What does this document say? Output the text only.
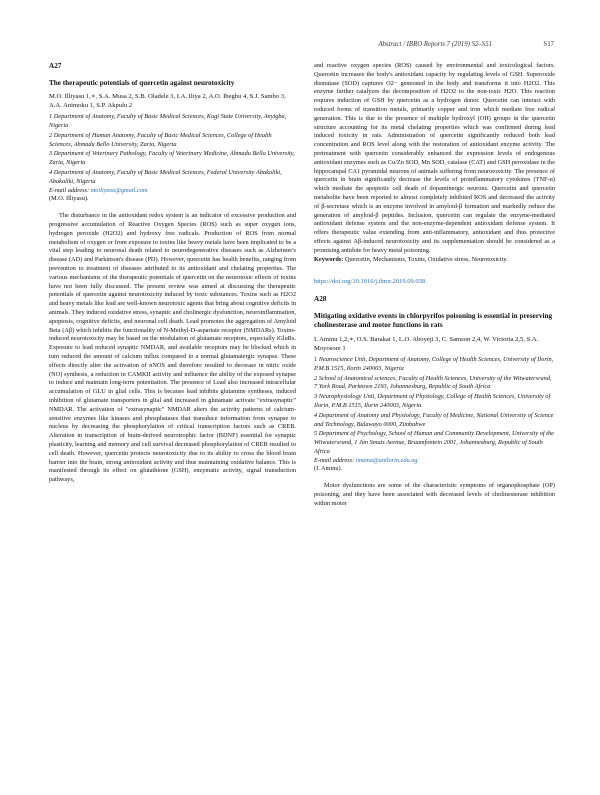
Abstract / IBRO Reports 7 (2019) S2–S51	S17

A27

The therapeutic potentials of quercetin against neurotoxicity

M.O. Illiyasu 1,∗, S.A. Musa 2, S.B. Oladele 3, I.A. Iliya 2, A.O. Ibegbu 4, S.J. Sambo 3, A.A. Animoku 1, S.P. Akpulu 2

1 Department of Anatomy, Faculty of Basic Medical Sciences, Kogi State University, Anyigba, Nigeria

2 Department of Human Anatomy, Faculty of Basic Medical Sciences, College of Health Sciences, Ahmadu Bello University, Zaria, Nigeria

3 Department of Veterinary Pathology, Faculty of Veterinary Medicine, Ahmadu Bello University, Zaria, Nigeria

4 Department of Anatomy, Faculty of Basic Medical Sciences, Federal University Abakaliki, Abakaliki, Nigeria

E-mail address: moiliyasu@gmail.com

(M.O. Illiyasu).

The disturbance in the antioxidant redox system is an indicator of excessive production and progressive accumulation of Reactive Oxygen Species (ROS) such as super oxygen ions, hydrogen peroxide (H2O2) and hydroxy free radicals. Production of ROS from normal metabolism of oxygen or from exposure to toxins like heavy metals have been implicated to be a vital step leading to neuronal death related to neurodegenerative diseases such as Alzheimer's disease (AD) and Parkinson's disease (PD). However, quercetin has health benefits, ranging from prevention to treatment of diseases attributed to its antioxidant and chelating properties. The various mechanisms of the therapeutic potentials of quercetin on the neurotoxic effects of toxins have not been fully discussed. The present review was aimed at discussing the therapeutic potentials of quercetin against neurotoxicity induced by toxic substances. Toxins such as H2O2 and heavy metals like lead are well-known neurotoxic agents that bring about cognitive deficits in animals. They induced oxidative stress, synaptic and cholinergic dysfunction, neuroinflammation, apoptosis, cognitive deficits, and neuronal cell death. Lead promotes the aggregation of Amyloid Beta (Aβ) which inhibits the functionality of N-Methyl-D-aspartate receptor (NMDARs). Toxins-induced neurotoxicity may be based on the modulation of glutamate receptors, especially iGluRs. Exposure to lead reduced synaptic NMDAR, and available receptors may be blocked which in turn reduced the amount of calcium influx compared to a normal glutamatergic synapse. These effects directly alter the activation of nNOS and therefore resulted to decrease in nitric oxide (NO) synthesis, a reduction in CAMKII activity and influence the ability of the exposed synapse to induce and maintain long-term potentiation. The presence of Lead also increased intracellular accumulation of GLU in glial cells. This is because lead inhibits glutamine syntheses, induced inhibition of glutamate transporters in glial and increased in glutamate activate "extrasynaptic" NMDAR. The activation of "extrasynaptic" NMDAR alters the activity patterns of calcium-sensitive enzymes like kinases and phosphatases that transduce information from synapse to nucleus by decreasing the phosphorylation of critical transcription factors such as CREB. Alteration in transcription of brain-derived neurotrophic factor (BDNF) essential for synaptic plasticity, learning and memory and cell survival decreased phosphorylation of CREB resulted to cell death. However, quercetin protects neurotoxicity due to its ability to cross the blood brain barrier into the brain, strong antioxidant activity and thus maintaining oxidative balance. This is manifested through its effect on glutathione (GSH), enzymatic activity, signal transduction pathways,

and reactive oxygen species (ROS) caused by environmental and toxicological factors. Quercetin increases the body's antioxidant capacity by regulating levels of GSH. Superoxide dismutase (SOD) captures O2− generated in the body and transforms it into H2O2. This enzyme further catalyzes the decomposition of H2O2 to the non-toxic H2O. This reaction requires induction of GSH by quercetin as a hydrogen donor. Quercetin can interact with reduced forms of transition metals, primarily copper and iron which mediate free radical generation. This is due to the presence of multiple hydroxyl (OH) groups in the quercetin structure accounting for its metal chelating properties which was confirmed during lead induced toxicity in rats. Administration of quercetin significantly reduced both lead concentration and ROS level along with the restoration of antioxidant enzyme activity. The pretreatment with quercetin considerably enhanced the expression levels of endogenous antioxidant enzymes such as Cu/Zn SOD, Mn SOD, catalase (CAT) and GSH peroxidase in the hippocampal CA1 pyramidal neurons of animals suffering from neurotoxicity. The presence of quercetin in brain significantly decrease the levels of proinflammatory cytokines (TNF-α) which mediate the apoptotic cell death of dopaminergic neurons. Quercetin and quercetin metabolite have been reported to almost completely inhibited ROS and decreased the activity of β-secretase which is an enzyme involved in amyloid-β formation and markedly reduce the generation of amyloid-β peptides. Inclusion, quercetin can regulate the enzyme-mediated antioxidant defense system and the non-enzyme-dependent antioxidant defense system. It offers therapeutic value extending from anti-inflammatory, antioxidant and thus protective effects against Aβ-induced neurotoxicity and its supplementation should be considered as a promising antidote for heavy metal poisoning.

Keywords: Quercetin, Mechanisms, Toxins, Oxidative stress, Neurotoxicity.

https://doi.org/10.1016/j.ibror.2019.09.038

A28

Mitigating oxidative events in chlorpyrifos poisoning is essential in preserving cholinesterase and motor functions in rats

I. Aminu 1,2,∗, O.S. Barakat 1, L.O. Aboyeji 3, C. Samson 2,4, W. Victoria 2,5, S.A. Moyosore 1

1 Neuroscience Unit, Department of Anatomy, College of Health Sciences, University of Ilorin, P.M.B 1515, Ilorin 240003, Nigeria

2 School of Anatomical sciences, Faculty of Health Sciences, University of the Witwatersrand, 7 York Road, Parktown 2193, Johannesburg, Republic of South Africa

3 Neurophysiology Unit, Department of Physiology, College of Health Sciences, University of Ilorin, P.M.B 1515, Ilorin 240003, Nigeria

4 Department of Anatomy and Physiology, Faculty of Medicine, National University of Science and Technology, Bulawayo 0000, Zimbabwe

5 Department of Psychology, School of Human and Community Development, University of the Witwatersrand, 1 Jan Smuts Avenue, Braamfontein 2001, Johannesburg, Republic of South Africa

E-mail address: imama@unilorin.edu.ng

(I. Aminu).

Motor dysfunctions are some of the characteristic symptoms of organophosphate (OP) poisoning, and they have been associated with decreased levels of cholinesterase inhibition within motor
